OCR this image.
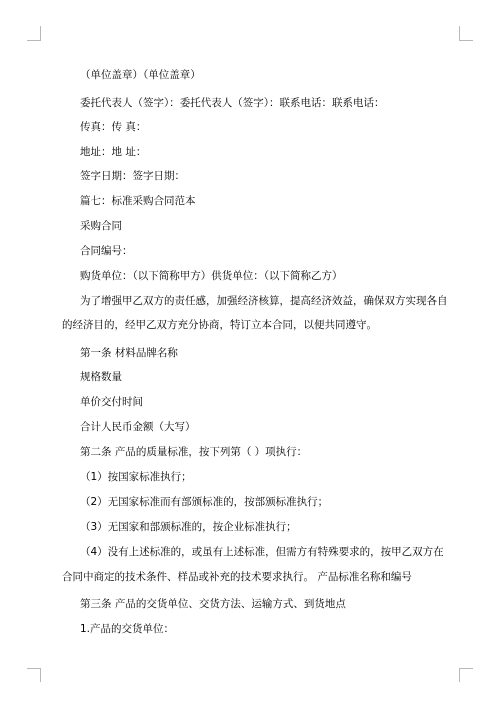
（单位盖章）（单位盖章）

委托代表人（签字）：委托代表人（签字）：联系电话：联系电话：

传真：传 真：

地址：地 址：

签字日期：签字日期：

篇七：标准采购合同范本

采购合同

合同编号：

购货单位：（以下简称甲方）供货单位：（以下简称乙方）

为了增强甲乙双方的责任感，加强经济核算，提高经济效益，确保双方实现各自

的经济目的，经甲乙双方充分协商，特订立本合同，以便共同遵守。

第一条 材料品牌名称

规格数量

单价交付时间

合计人民币金额（大写）

第二条 产品的质量标准，按下列第（ ）项执行：

（1）按国家标准执行；

（2）无国家标准而有部颁标准的，按部颁标准执行；

（3）无国家和部颁标准的，按企业标准执行；

（4）没有上述标准的，或虽有上述标准，但需方有特殊要求的，按甲乙双方在

合同中商定的技术条件、样品或补充的技术要求执行。 产品标准名称和编号

第三条 产品的交货单位、交货方法、运输方式、到货地点

1.产品的交货单位：
